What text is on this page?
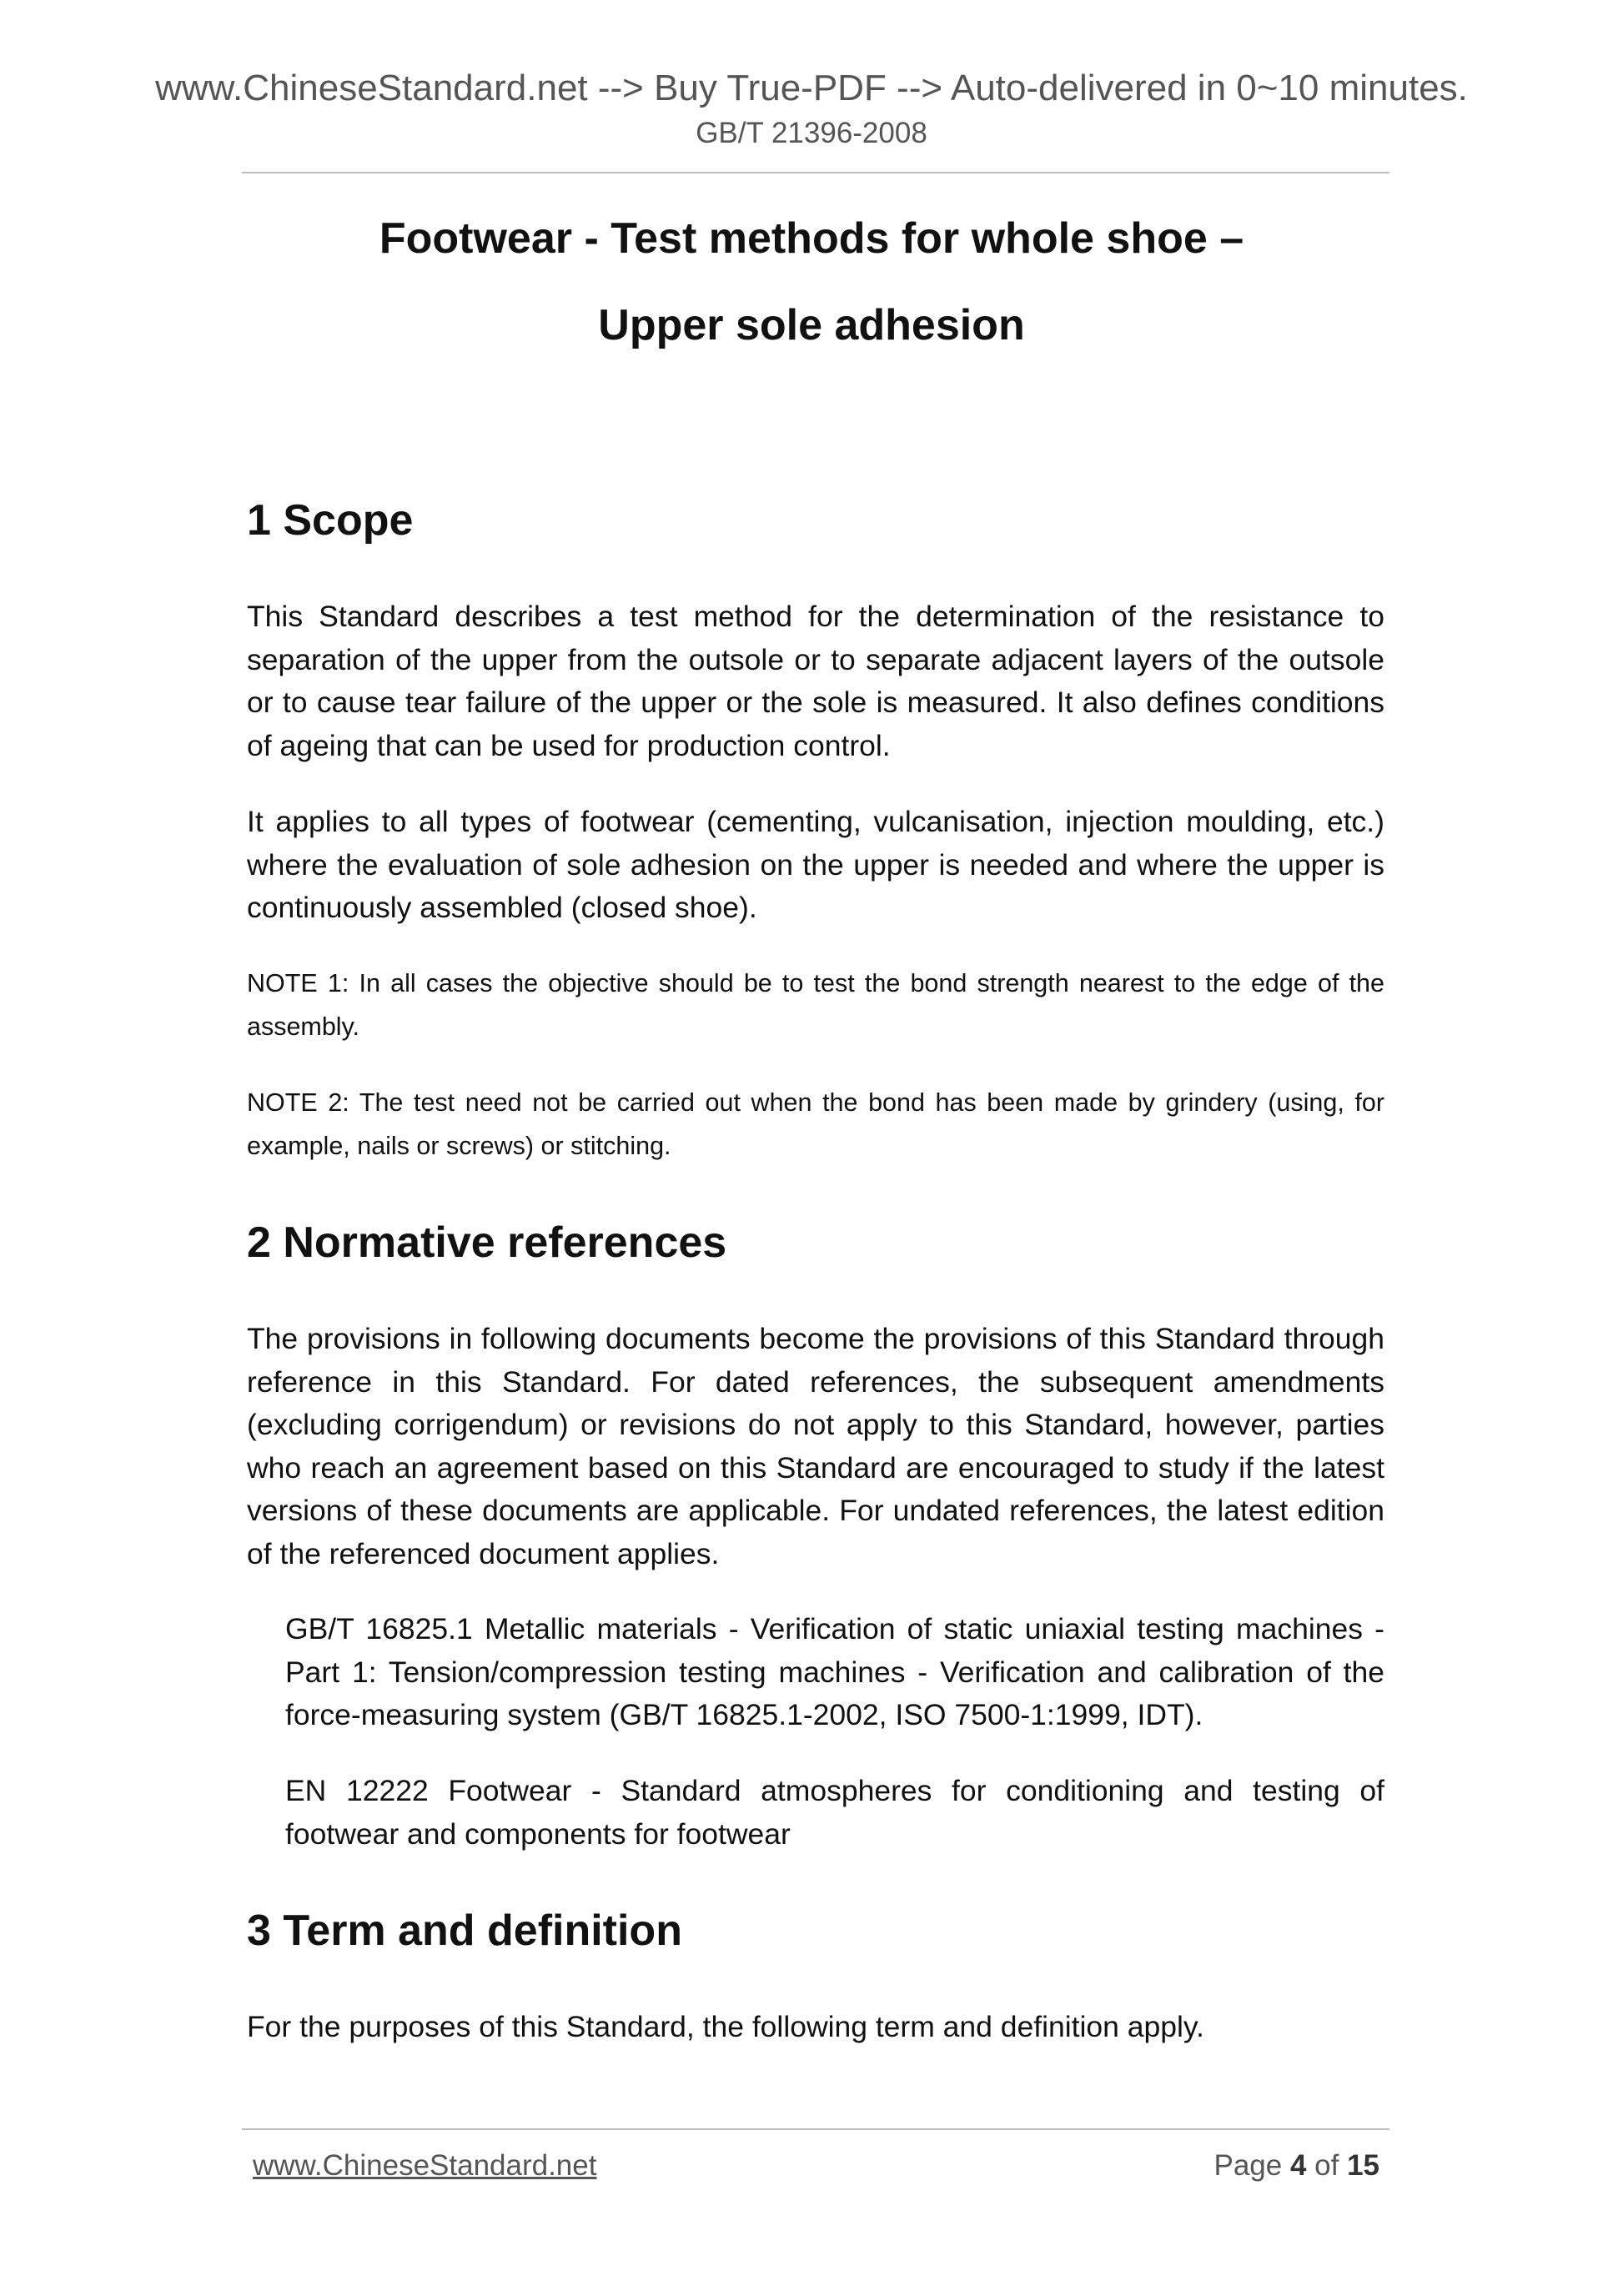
www.ChineseStandard.net --> Buy True-PDF --> Auto-delivered in 0~10 minutes.
GB/T 21396-2008
Footwear - Test methods for whole shoe –
Upper sole adhesion
1 Scope

This Standard describes a test method for the determination of the resistance to separation of the upper from the outsole or to separate adjacent layers of the outsole or to cause tear failure of the upper or the sole is measured. It also defines conditions of ageing that can be used for production control.

It applies to all types of footwear (cementing, vulcanisation, injection moulding, etc.) where the evaluation of sole adhesion on the upper is needed and where the upper is continuously assembled (closed shoe).

NOTE 1: In all cases the objective should be to test the bond strength nearest to the edge of the assembly.

NOTE 2: The test need not be carried out when the bond has been made by grindery (using, for example, nails or screws) or stitching.

2 Normative references

The provisions in following documents become the provisions of this Standard through reference in this Standard. For dated references, the subsequent amendments (excluding corrigendum) or revisions do not apply to this Standard, however, parties who reach an agreement based on this Standard are encouraged to study if the latest versions of these documents are applicable. For undated references, the latest edition of the referenced document applies.

GB/T 16825.1 Metallic materials - Verification of static uniaxial testing machines - Part 1: Tension/compression testing machines - Verification and calibration of the force-measuring system (GB/T 16825.1-2002, ISO 7500-1:1999, IDT).

EN 12222 Footwear - Standard atmospheres for conditioning and testing of footwear and components for footwear

3 Term and definition

For the purposes of this Standard, the following term and definition apply.

www.ChineseStandard.net	Page 4 of 15
